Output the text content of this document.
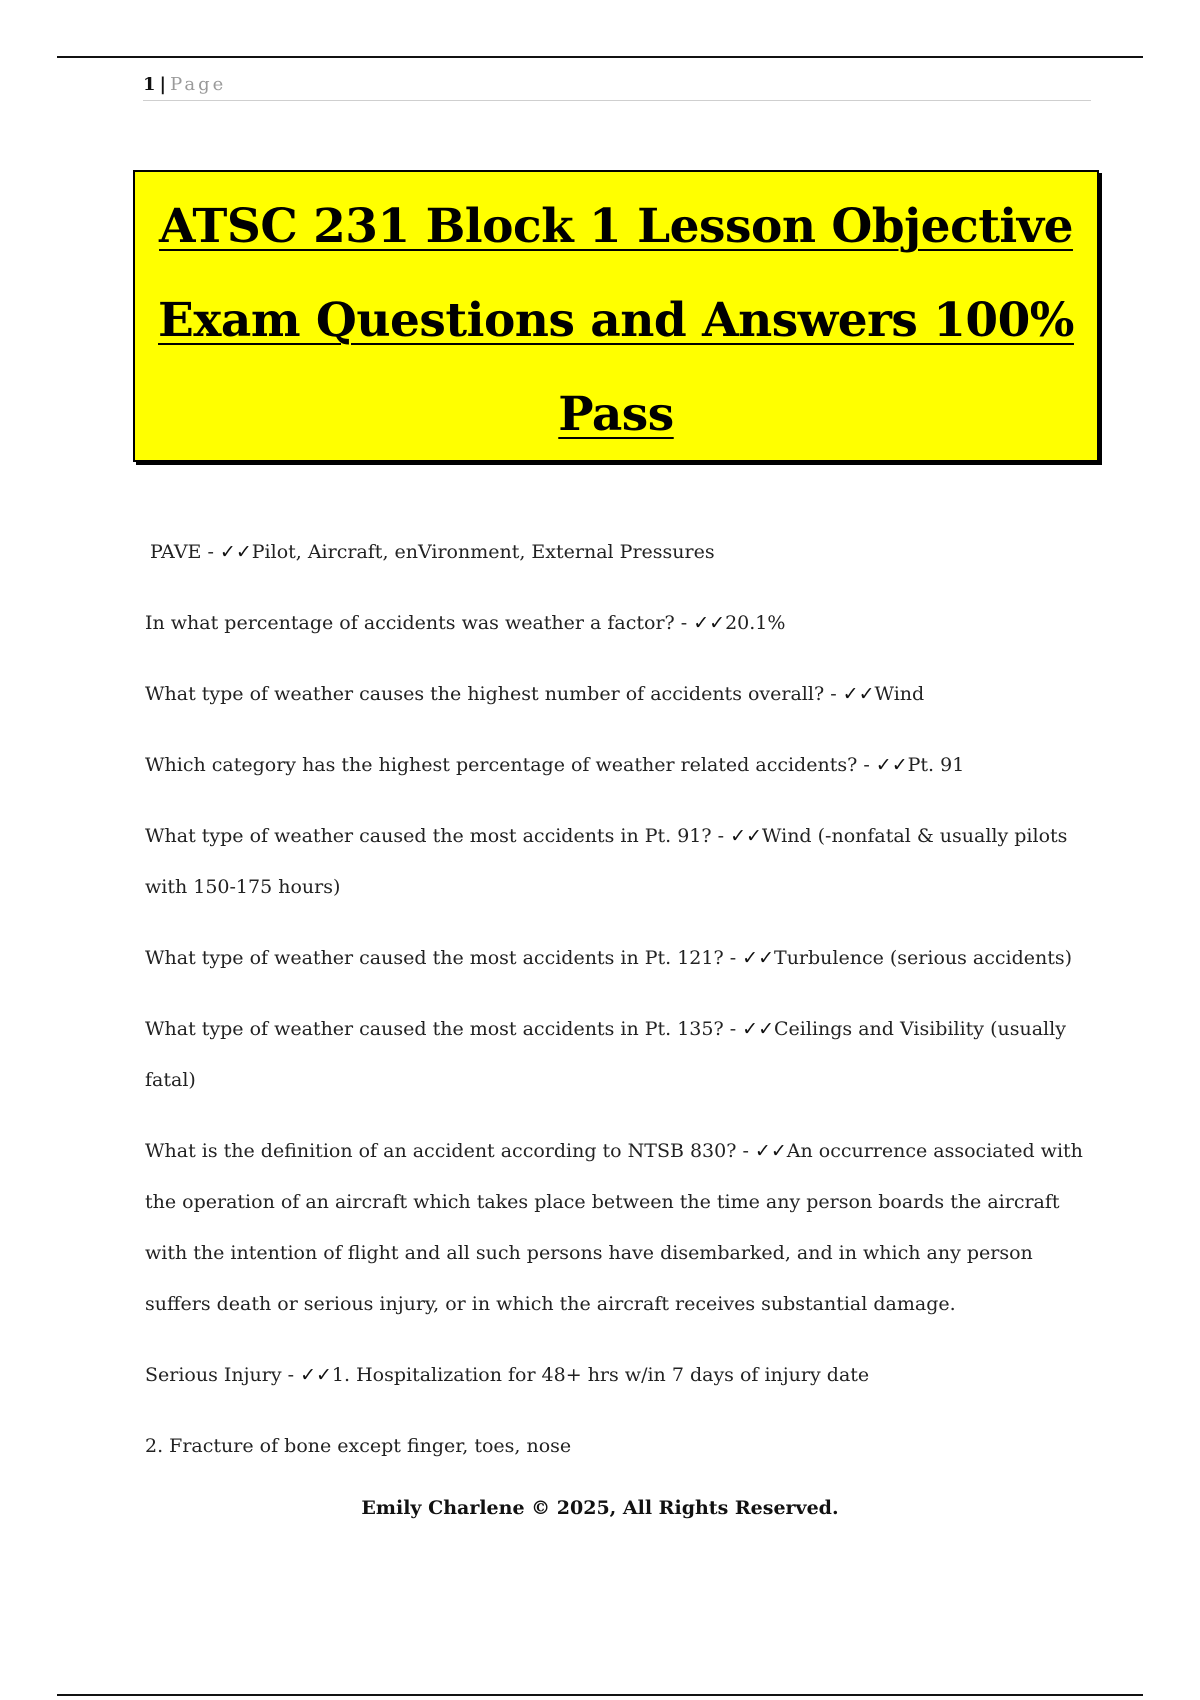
1 | Page
ATSC 231 Block 1 Lesson Objective
Exam Questions and Answers 100%
Pass

PAVE - ✓✓Pilot, Aircraft, enVironment, External Pressures

In what percentage of accidents was weather a factor? - ✓✓20.1%

What type of weather causes the highest number of accidents overall? - ✓✓Wind

Which category has the highest percentage of weather related accidents? - ✓✓Pt. 91

What type of weather caused the most accidents in Pt. 91? - ✓✓Wind (-nonfatal & usually pilots with 150-175 hours)

What type of weather caused the most accidents in Pt. 121? - ✓✓Turbulence (serious accidents)

What type of weather caused the most accidents in Pt. 135? - ✓✓Ceilings and Visibility (usually fatal)

What is the definition of an accident according to NTSB 830? - ✓✓An occurrence associated with the operation of an aircraft which takes place between the time any person boards the aircraft with the intention of flight and all such persons have disembarked, and in which any person suffers death or serious injury, or in which the aircraft receives substantial damage.

Serious Injury - ✓✓1. Hospitalization for 48+ hrs w/in 7 days of injury date

2. Fracture of bone except finger, toes, nose

Emily Charlene © 2025, All Rights Reserved.
